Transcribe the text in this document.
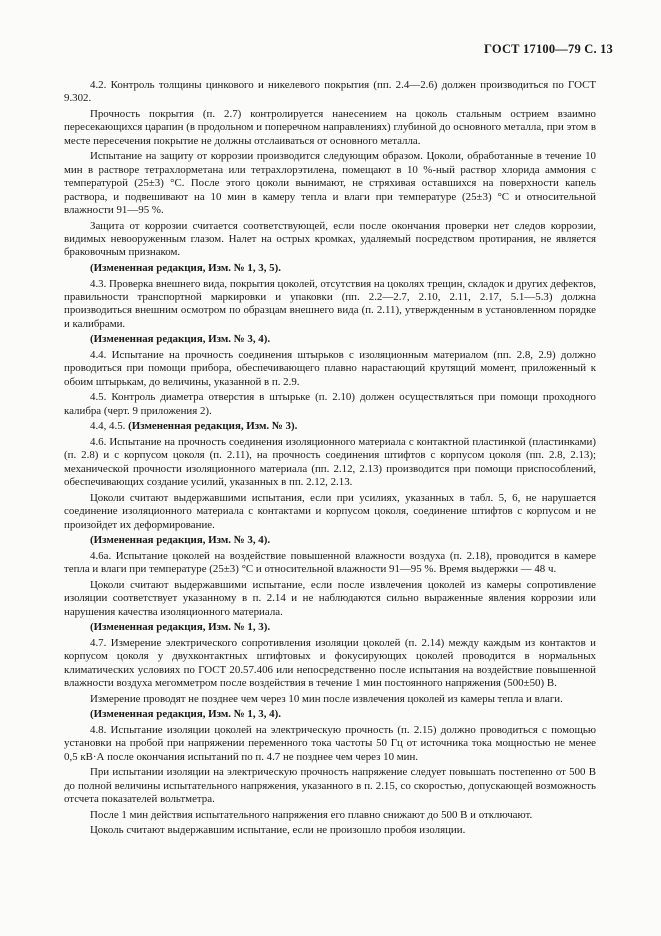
ГОСТ 17100—79 С. 13

4.2. Контроль толщины цинкового и никелевого покрытия (пп. 2.4—2.6) должен производиться по ГОСТ 9.302.

Прочность покрытия (п. 2.7) контролируется нанесением на цоколь стальным острием взаимно пересекающихся царапин (в продольном и поперечном направлениях) глубиной до основного металла, при этом в месте пересечения покрытие не должны отслаиваться от основного металла.

Испытание на защиту от коррозии производится следующим образом. Цоколи, обработанные в течение 10 мин в растворе тетрахлорметана или тетрахлорэтилена, помещают в 10 %-ный раствор хлорида аммония с температурой (25±3) °С. После этого цоколи вынимают, не стряхивая оставшихся на поверхности капель раствора, и подвешивают на 10 мин в камеру тепла и влаги при температуре (25±3) °С и относительной влажности 91—95 %.

Защита от коррозии считается соответствующей, если после окончания проверки нет следов коррозии, видимых невооруженным глазом. Налет на острых кромках, удаляемый посредством протирания, не является браковочным признаком.

(Измененная редакция, Изм. № 1, 3, 5).

4.3. Проверка внешнего вида, покрытия цоколей, отсутствия на цоколях трещин, складок и других дефектов, правильности транспортной маркировки и упаковки (пп. 2.2—2.7, 2.10, 2.11, 2.17, 5.1—5.3) должна производиться внешним осмотром по образцам внешнего вида (п. 2.11), утвержденным в установленном порядке и калибрами.

(Измененная редакция, Изм. № 3, 4).

4.4. Испытание на прочность соединения штырьков с изоляционным материалом (пп. 2.8, 2.9) должно проводиться при помощи прибора, обеспечивающего плавно нарастающий крутящий момент, приложенный к обоим штырькам, до величины, указанной в п. 2.9.

4.5. Контроль диаметра отверстия в штырьке (п. 2.10) должен осуществляться при помощи проходного калибра (черт. 9 приложения 2).

4.4, 4.5. (Измененная редакция, Изм. № 3).

4.6. Испытание на прочность соединения изоляционного материала с контактной пластинкой (пластинками) (п. 2.8) и с корпусом цоколя (п. 2.11), на прочность соединения штифтов с корпусом цоколя (пп. 2.8, 2.13); механической прочности изоляционного материала (пп. 2.12, 2.13) производится при помощи приспособлений, обеспечивающих создание усилий, указанных в пп. 2.12, 2.13.

Цоколи считают выдержавшими испытания, если при усилиях, указанных в табл. 5, 6, не нарушается соединение изоляционного материала с контактами и корпусом цоколя, соединение штифтов с корпусом и не произойдет их деформирование.

(Измененная редакция, Изм. № 3, 4).

4.6а. Испытание цоколей на воздействие повышенной влажности воздуха (п. 2.18), проводится в камере тепла и влаги при температуре (25±3) °С и относительной влажности 91—95 %. Время выдержки — 48 ч.

Цоколи считают выдержавшими испытание, если после извлечения цоколей из камеры сопротивление изоляции соответствует указанному в п. 2.14 и не наблюдаются сильно выраженные явления коррозии или нарушения качества изоляционного материала.

(Измененная редакция, Изм. № 1, 3).

4.7. Измерение электрического сопротивления изоляции цоколей (п. 2.14) между каждым из контактов и корпусом цоколя у двухконтактных штифтовых и фокусирующих цоколей проводится в нормальных климатических условиях по ГОСТ 20.57.406 или непосредственно после испытания на воздействие повышенной влажности воздуха мегомметром после воздействия в течение 1 мин постоянного напряжения (500±50) В.

Измерение проводят не позднее чем через 10 мин после извлечения цоколей из камеры тепла и влаги.

(Измененная редакция, Изм. № 1, 3, 4).

4.8. Испытание изоляции цоколей на электрическую прочность (п. 2.15) должно проводиться с помощью установки на пробой при напряжении переменного тока частоты 50 Гц от источника тока мощностью не менее 0,5 кВ·А после окончания испытаний по п. 4.7 не позднее чем через 10 мин.

При испытании изоляции на электрическую прочность напряжение следует повышать постепенно от 500 В до полной величины испытательного напряжения, указанного в п. 2.15, со скоростью, допускающей возможность отсчета показателей вольтметра.

После 1 мин действия испытательного напряжения его плавно снижают до 500 В и отключают.

Цоколь считают выдержавшим испытание, если не произошло пробоя изоляции.
